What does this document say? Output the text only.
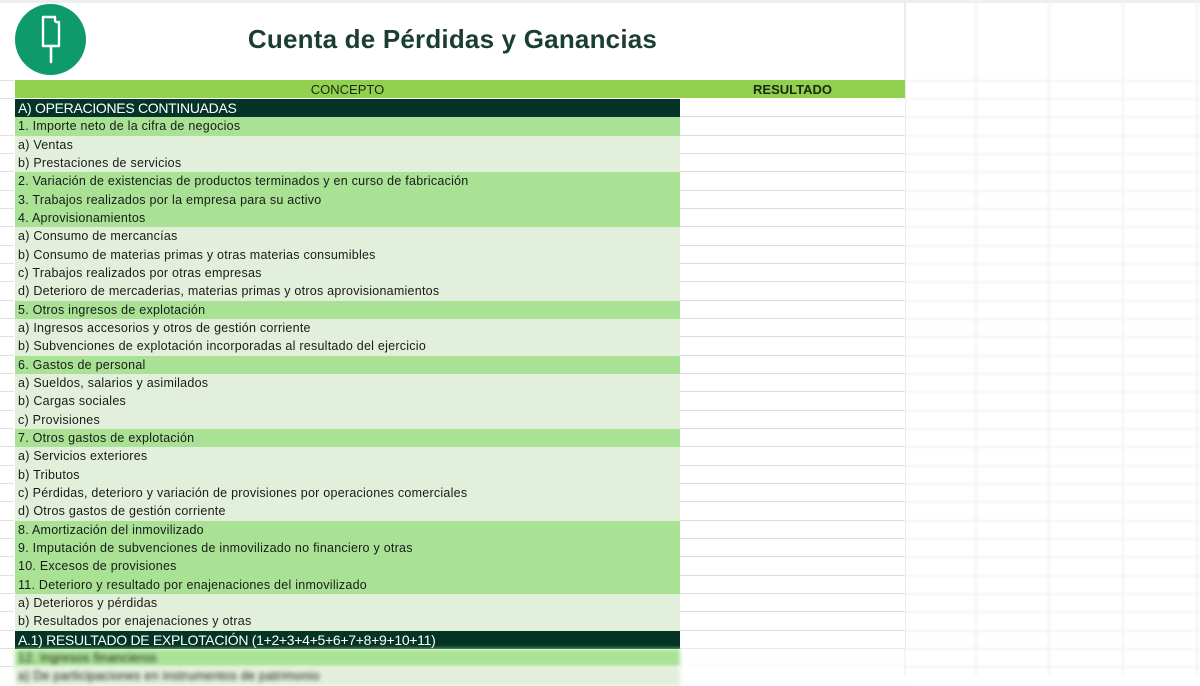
Cuenta de Pérdidas y Ganancias
CONCEPTO	RESULTADO
A) OPERACIONES CONTINUADAS
1. Importe neto de la cifra de negocios
a) Ventas
b) Prestaciones de servicios
2. Variación de existencias de productos terminados y en curso de fabricación
3. Trabajos realizados por la empresa para su activo
4. Aprovisionamientos
a) Consumo de mercancías
b) Consumo de materias primas y otras materias consumibles
c) Trabajos realizados por otras empresas
d) Deterioro de mercaderias, materias primas y otros aprovisionamientos
5. Otros ingresos de explotación
a) Ingresos accesorios y otros de gestión corriente
b) Subvenciones de explotación incorporadas al resultado del ejercicio
6. Gastos de personal
a) Sueldos, salarios y asimilados
b) Cargas sociales
c) Provisiones
7. Otros gastos de explotación
a) Servicios exteriores
b) Tributos
c) Pérdidas, deterioro y variación de provisiones por operaciones comerciales
d) Otros gastos de gestión corriente
8. Amortización del inmovilizado
9. Imputación de subvenciones de inmovilizado no financiero y otras
10. Excesos de provisiones
11. Deterioro y resultado por enajenaciones del inmovilizado
a) Deterioros y pérdidas
b) Resultados por enajenaciones y otras
A.1) RESULTADO DE EXPLOTACIÓN (1+2+3+4+5+6+7+8+9+10+11)
12. Ingresos financieros
a) De participaciones en instrumentos de patrimonio
